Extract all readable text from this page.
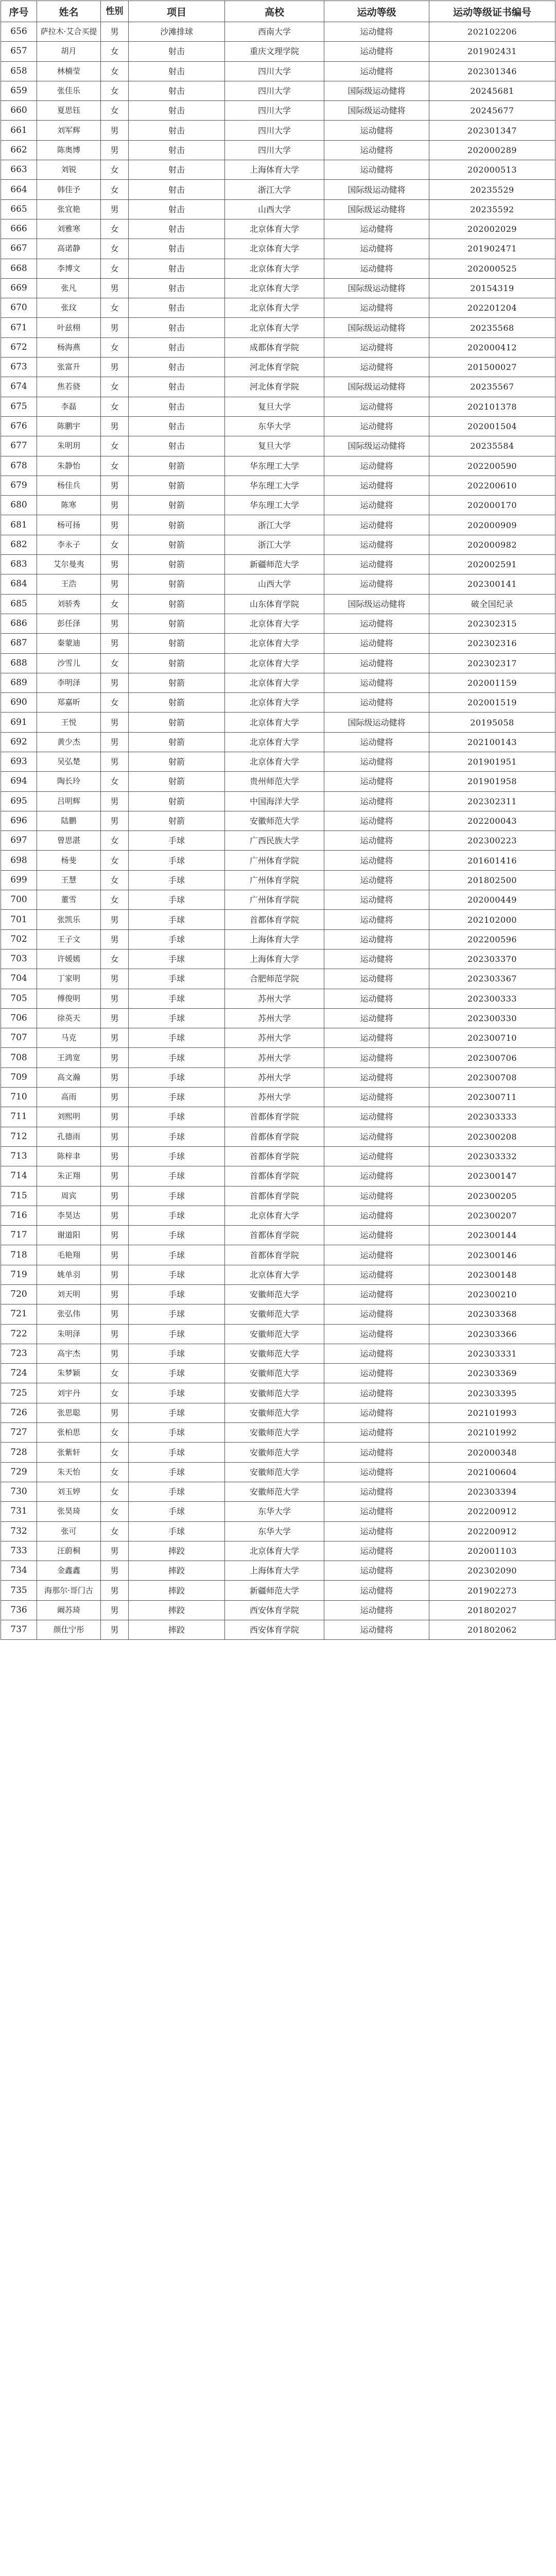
序号	姓名	性别	项目	高校	运动等级	运动等级证书编号
656	萨拉木·艾合买提	男	沙滩排球	西南大学	运动健将	202102206
657	胡月	女	射击	重庆文理学院	运动健将	201902431
658	林楠莹	女	射击	四川大学	运动健将	202301346
659	张佳乐	女	射击	四川大学	国际级运动健将	20245681
660	夏思钰	女	射击	四川大学	国际级运动健将	20245677
661	刘军辉	男	射击	四川大学	运动健将	202301347
662	陈奥博	男	射击	四川大学	运动健将	202000289
663	刘锐	女	射击	上海体育大学	运动健将	202000513
664	韩佳予	女	射击	浙江大学	国际级运动健将	20235529
665	张宜艳	男	射击	山西大学	国际级运动健将	20235592
666	刘雅寒	女	射击	北京体育大学	运动健将	202002029
667	高诺静	女	射击	北京体育大学	运动健将	201902471
668	李博文	女	射击	北京体育大学	运动健将	202000525
669	张凡	男	射击	北京体育大学	国际级运动健将	20154319
670	张玟	女	射击	北京体育大学	运动健将	202201204
671	叶兹栩	男	射击	北京体育大学	国际级运动健将	20235568
672	杨海燕	女	射击	成都体育学院	运动健将	202000412
673	张富升	男	射击	河北体育学院	运动健将	201500027
674	焦若骁	女	射击	河北体育学院	国际级运动健将	20235567
675	李磊	女	射击	复旦大学	运动健将	202101378
676	陈鹏宇	男	射击	东华大学	运动健将	202001504
677	朱明玥	女	射击	复旦大学	国际级运动健将	20235584
678	朱静怡	女	射箭	华东理工大学	运动健将	202200590
679	杨佳兵	男	射箭	华东理工大学	运动健将	202200610
680	陈寒	男	射箭	华东理工大学	运动健将	202000170
681	杨可扬	男	射箭	浙江大学	运动健将	202000909
682	李永子	女	射箭	浙江大学	运动健将	202000982
683	艾尔曼夷	男	射箭	新疆师范大学	运动健将	202002591
684	王浩	男	射箭	山西大学	运动健将	202300141
685	刘骄秀	女	射箭	山东体育学院	国际级运动健将	破全国纪录
686	彭任泽	男	射箭	北京体育大学	运动健将	202302315
687	秦蒙迪	男	射箭	北京体育大学	运动健将	202302316
688	沙雪儿	女	射箭	北京体育大学	运动健将	202302317
689	李明泽	男	射箭	北京体育大学	运动健将	202001159
690	郑嘉昕	女	射箭	北京体育大学	运动健将	202001519
691	王悦	男	射箭	北京体育大学	国际级运动健将	20195058
692	黄少杰	男	射箭	北京体育大学	运动健将	202100143
693	吴弘楚	男	射箭	北京体育大学	运动健将	201901951
694	陶长玲	女	射箭	贵州师范大学	运动健将	201901958
695	吕明辉	男	射箭	中国海洋大学	运动健将	202302311
696	陆鹏	男	射箭	安徽师范大学	运动健将	202200043
697	曾思湛	女	手球	广西民族大学	运动健将	202300223
698	杨斐	女	手球	广州体育学院	运动健将	201601416
699	王慧	女	手球	广州体育学院	运动健将	201802500
700	董雪	女	手球	广州体育学院	运动健将	202000449
701	张凯乐	男	手球	首都体育学院	运动健将	202102000
702	王子文	男	手球	上海体育大学	运动健将	202200596
703	许媛嫣	女	手球	上海体育大学	运动健将	202303370
704	丁家明	男	手球	合肥师范学院	运动健将	202303367
705	傅俊明	男	手球	苏州大学	运动健将	202300333
706	徐英天	男	手球	苏州大学	运动健将	202300330
707	马克	男	手球	苏州大学	运动健将	202300710
708	王鸿宽	男	手球	苏州大学	运动健将	202300706
709	高文瀚	男	手球	苏州大学	运动健将	202300708
710	高雨	男	手球	苏州大学	运动健将	202300711
711	刘熙明	男	手球	首都体育学院	运动健将	202303333
712	孔德雨	男	手球	首都体育学院	运动健将	202300208
713	陈梓聿	男	手球	首都体育学院	运动健将	202303332
714	朱正翔	男	手球	首都体育学院	运动健将	202300147
715	周宾	男	手球	首都体育学院	运动健将	202300205
716	李昊达	男	手球	北京体育大学	运动健将	202300207
717	谢道阳	男	手球	首都体育学院	运动健将	202300144
718	毛艳翔	男	手球	首都体育学院	运动健将	202300146
719	姚单羽	男	手球	北京体育大学	运动健将	202300148
720	刘天明	男	手球	安徽师范大学	运动健将	202300210
721	张弘伟	男	手球	安徽师范大学	运动健将	202303368
722	朱明泽	男	手球	安徽师范大学	运动健将	202303366
723	高宇杰	男	手球	安徽师范大学	运动健将	202303331
724	朱梦颖	女	手球	安徽师范大学	运动健将	202303369
725	刘宇丹	女	手球	安徽师范大学	运动健将	202303395
726	张思聪	男	手球	安徽师范大学	运动健将	202101993
727	张柏思	女	手球	安徽师范大学	运动健将	202101992
728	张紫轩	女	手球	安徽师范大学	运动健将	202000348
729	朱天怡	女	手球	安徽师范大学	运动健将	202100604
730	刘玉婷	女	手球	安徽师范大学	运动健将	202303394
731	张昊琦	女	手球	东华大学	运动健将	202200912
732	张可	女	手球	东华大学	运动健将	202200912
733	汪蔚桐	男	摔跤	北京体育大学	运动健将	202001103
734	金鑫鑫	男	摔跤	上海体育大学	运动健将	202302090
735	海那尔·哥门古	男	摔跤	新疆师范大学	运动健将	201902273
736	阚苏琦	男	摔跤	西安体育学院	运动健将	201802027
737	颜仕宁彤	男	摔跤	西安体育学院	运动健将	201802062
